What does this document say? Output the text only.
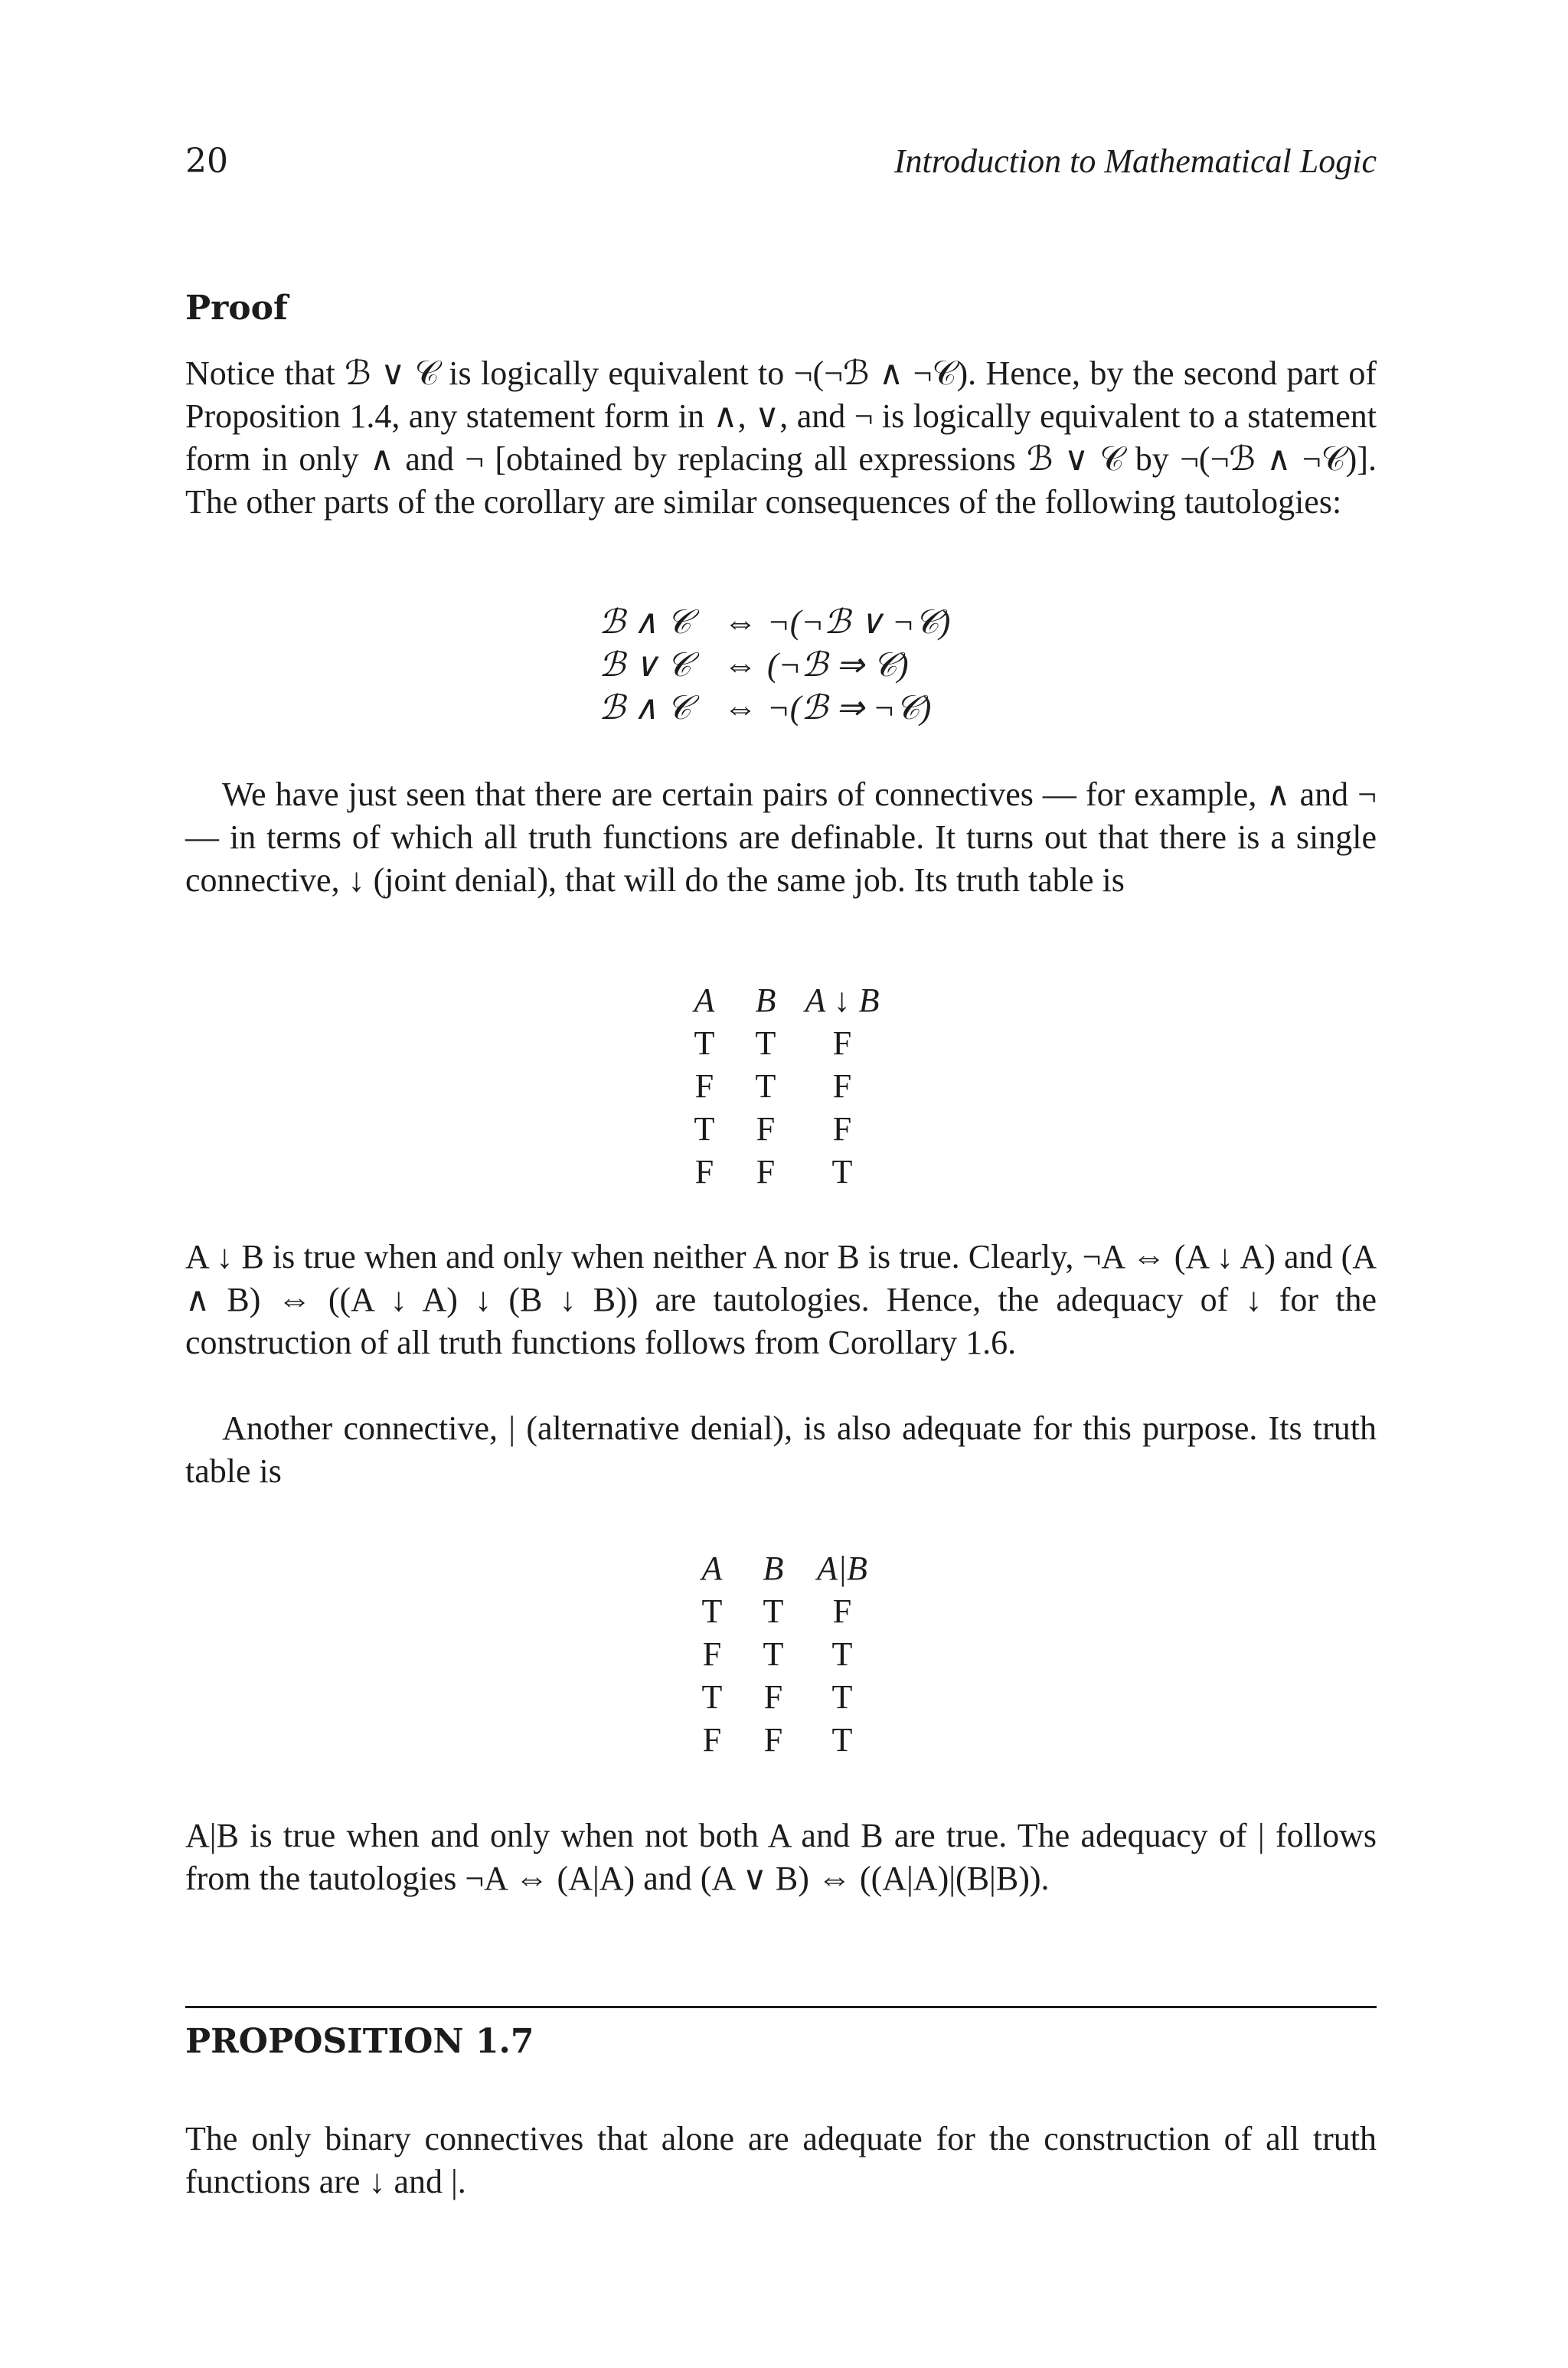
20	Introduction to Mathematical Logic
Proof

Notice that ℬ ∨ 𝒞 is logically equivalent to ¬(¬ℬ ∧ ¬𝒞). Hence, by the second part of Proposition 1.4, any statement form in ∧, ∨, and ¬ is logically equivalent to a statement form in only ∧ and ¬ [obtained by replacing all expressions ℬ ∨ 𝒞 by ¬(¬ℬ ∧ ¬𝒞)]. The other parts of the corollary are similar consequences of the following tautologies:

ℬ ∧ 𝒞 ⇔ ¬(¬ℬ ∨ ¬𝒞)
ℬ ∨ 𝒞 ⇔ (¬ℬ ⇒ 𝒞)
ℬ ∧ 𝒞 ⇔ ¬(ℬ ⇒ ¬𝒞)

We have just seen that there are certain pairs of connectives — for example, ∧ and ¬ — in terms of which all truth functions are definable. It turns out that there is a single connective, ↓ (joint denial), that will do the same job. Its truth table is

A	B	A ↓ B
T	T	F
F	T	F
T	F	F
F	F	T

A ↓ B is true when and only when neither A nor B is true. Clearly, ¬A ⇔ (A ↓ A) and (A ∧ B) ⇔ ((A ↓ A) ↓ (B ↓ B)) are tautologies. Hence, the adequacy of ↓ for the construction of all truth functions follows from Corollary 1.6.

Another connective, | (alternative denial), is also adequate for this purpose. Its truth table is

A	B	A|B
T	T	F
F	T	T
T	F	T
F	F	T

A|B is true when and only when not both A and B are true. The adequacy of | follows from the tautologies ¬A ⇔ (A|A) and (A ∨ B) ⇔ ((A|A)|(B|B)).

PROPOSITION 1.7

The only binary connectives that alone are adequate for the construction of all truth functions are ↓ and |.
